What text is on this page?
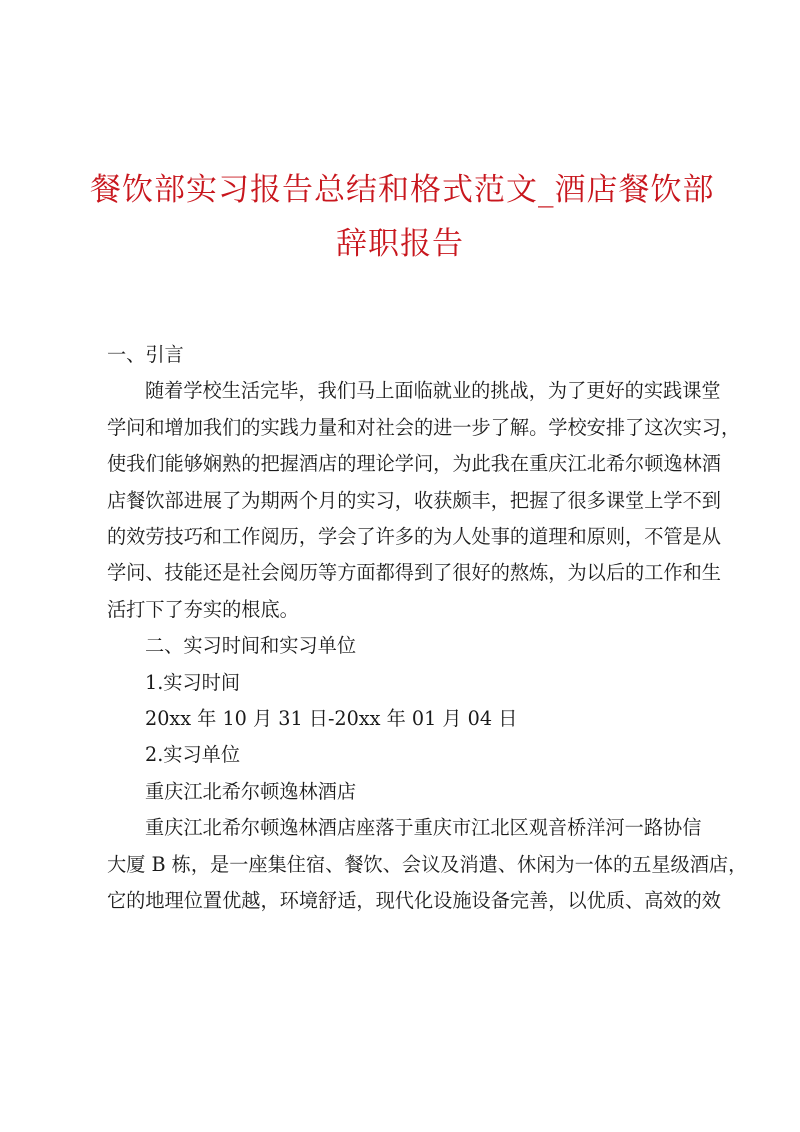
餐饮部实习报告总结和格式范文_酒店餐饮部
辞职报告

一、引言

随着学校生活完毕，我们马上面临就业的挑战，为了更好的实践课堂
学问和增加我们的实践力量和对社会的进一步了解。学校安排了这次实习，
使我们能够娴熟的把握酒店的理论学问，为此我在重庆江北希尔顿逸林酒
店餐饮部进展了为期两个月的实习，收获颇丰，把握了很多课堂上学不到
的效劳技巧和工作阅历，学会了许多的为人处事的道理和原则，不管是从
学问、技能还是社会阅历等方面都得到了很好的熬炼，为以后的工作和生
活打下了夯实的根底。

二、实习时间和实习单位

1.实习时间

20xx 年 10 月 31 日-20xx 年 01 月 04 日

2.实习单位

重庆江北希尔顿逸林酒店

重庆江北希尔顿逸林酒店座落于重庆市江北区观音桥洋河一路协信
大厦 B 栋，是一座集住宿、餐饮、会议及消遣、休闲为一体的五星级酒店，
它的地理位置优越，环境舒适，现代化设施设备完善，以优质、高效的效
